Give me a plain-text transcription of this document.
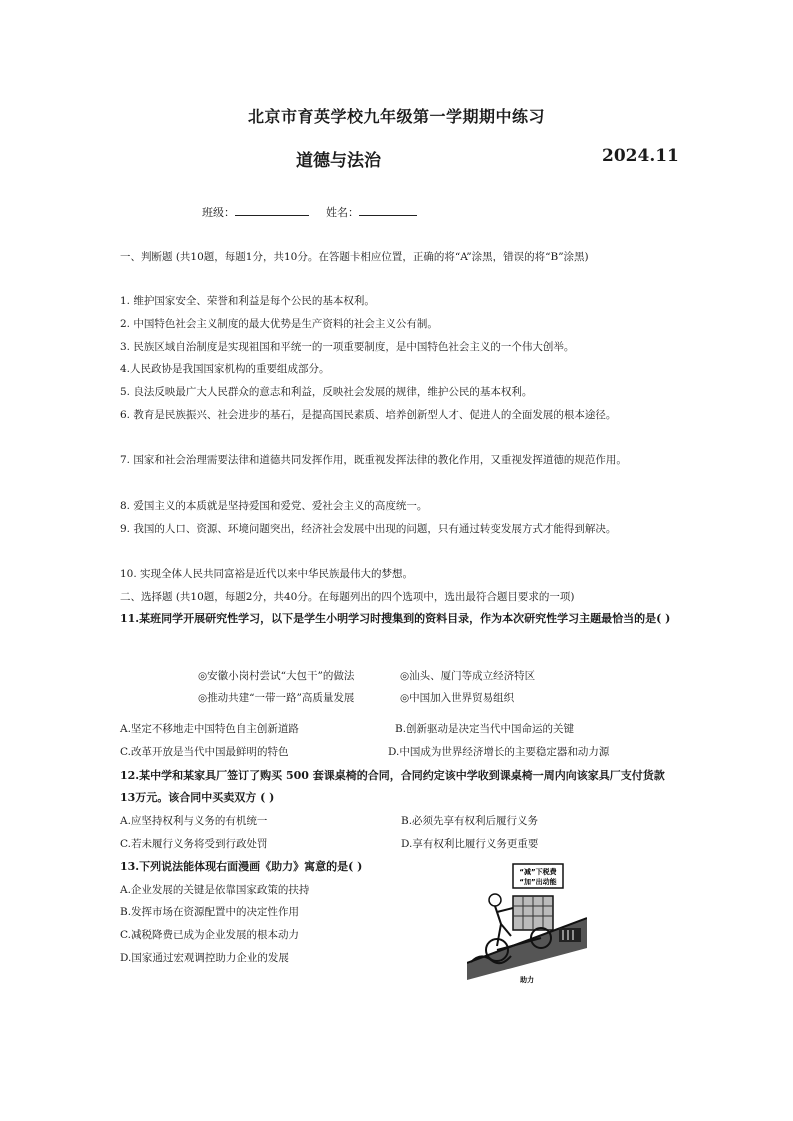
北京市育英学校九年级第一学期期中练习
道德与法治	2024.11
班级：	姓名：
一、判断题 (共10题，每题1分，共10分。在答题卡相应位置，正确的将“A”涂黑，错误的将“B”涂黑)
1. 维护国家安全、荣誉和利益是每个公民的基本权利。
2. 中国特色社会主义制度的最大优势是生产资料的社会主义公有制。
3. 民族区域自治制度是实现祖国和平统一的一项重要制度，是中国特色社会主义的一个伟大创举。
4.人民政协是我国国家机构的重要组成部分。
5. 良法反映最广大人民群众的意志和利益，反映社会发展的规律，维护公民的基本权利。
6. 教育是民族振兴、社会进步的基石，是提高国民素质、培养创新型人才、促进人的全面发展的根本途径。
7. 国家和社会治理需要法律和道德共同发挥作用，既重视发挥法律的教化作用，又重视发挥道德的规范作用。
8. 爱国主义的本质就是坚持爱国和爱党、爱社会主义的高度统一。
9. 我国的人口、资源、环境问题突出，经济社会发展中出现的问题，只有通过转变发展方式才能得到解决。
10. 实现全体人民共同富裕是近代以来中华民族最伟大的梦想。
二、选择题 (共10题，每题2分，共40分。在每题列出的四个选项中，选出最符合题目要求的一项)
11.某班同学开展研究性学习，以下是学生小明学习时搜集到的资料目录，作为本次研究性学习主题最恰当的是( )
◎安徽小岗村尝试“大包干”的做法	◎汕头、厦门等成立经济特区
◎推动共建“一带一路”高质量发展	◎中国加入世界贸易组织
A.坚定不移地走中国特色自主创新道路	B.创新驱动是决定当代中国命运的关键
C.改革开放是当代中国最鲜明的特色	D.中国成为世界经济增长的主要稳定器和动力源
12.某中学和某家具厂签订了购买 500 套课桌椅的合同，合同约定该中学收到课桌椅一周内向该家具厂支付货款13万元。该合同中买卖双方 ( )
A.应坚持权利与义务的有机统一	B.必须先享有权利后履行义务
C.若未履行义务将受到行政处罚	D.享有权利比履行义务更重要
13.下列说法能体现右面漫画《助力》寓意的是( )
A.企业发展的关键是依靠国家政策的扶持
B.发挥市场在资源配置中的决定性作用
C.减税降费已成为企业发展的根本动力
D.国家通过宏观调控助力企业的发展
“减”下税费
“加”出动能
助力
